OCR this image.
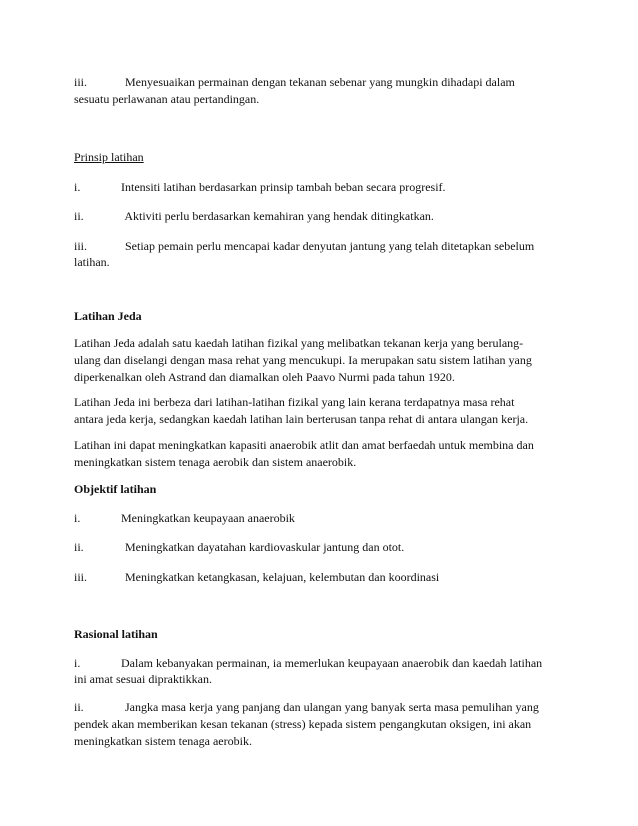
iii.	Menyesuaikan permainan dengan tekanan sebenar yang mungkin dihadapi dalam
sesuatu perlawanan atau pertandingan.
Prinsip latihan
i.	Intensiti latihan berdasarkan prinsip tambah beban secara progresif.
ii.	Aktiviti perlu berdasarkan kemahiran yang hendak ditingkatkan.
iii.	Setiap pemain perlu mencapai kadar denyutan jantung yang telah ditetapkan sebelum
latihan.
Latihan Jeda
Latihan Jeda adalah satu kaedah latihan fizikal yang melibatkan tekanan kerja yang berulang-
ulang dan diselangi dengan masa rehat yang mencukupi. Ia merupakan satu sistem latihan yang
diperkenalkan oleh Astrand dan diamalkan oleh Paavo Nurmi pada tahun 1920.
Latihan Jeda ini berbeza dari latihan-latihan fizikal yang lain kerana terdapatnya masa rehat
antara jeda kerja, sedangkan kaedah latihan lain berterusan tanpa rehat di antara ulangan kerja.
Latihan ini dapat meningkatkan kapasiti anaerobik atlit dan amat berfaedah untuk membina dan
meningkatkan sistem tenaga aerobik dan sistem anaerobik.
Objektif latihan
i.	Meningkatkan keupayaan anaerobik
ii.	Meningkatkan dayatahan kardiovaskular jantung dan otot.
iii.	Meningkatkan ketangkasan, kelajuan, kelembutan dan koordinasi
Rasional latihan
i.	Dalam kebanyakan permainan, ia memerlukan keupayaan anaerobik dan kaedah latihan
ini amat sesuai dipraktikkan.
ii.	Jangka masa kerja yang panjang dan ulangan yang banyak serta masa pemulihan yang
pendek akan memberikan kesan tekanan (stress) kepada sistem pengangkutan oksigen, ini akan
meningkatkan sistem tenaga aerobik.
